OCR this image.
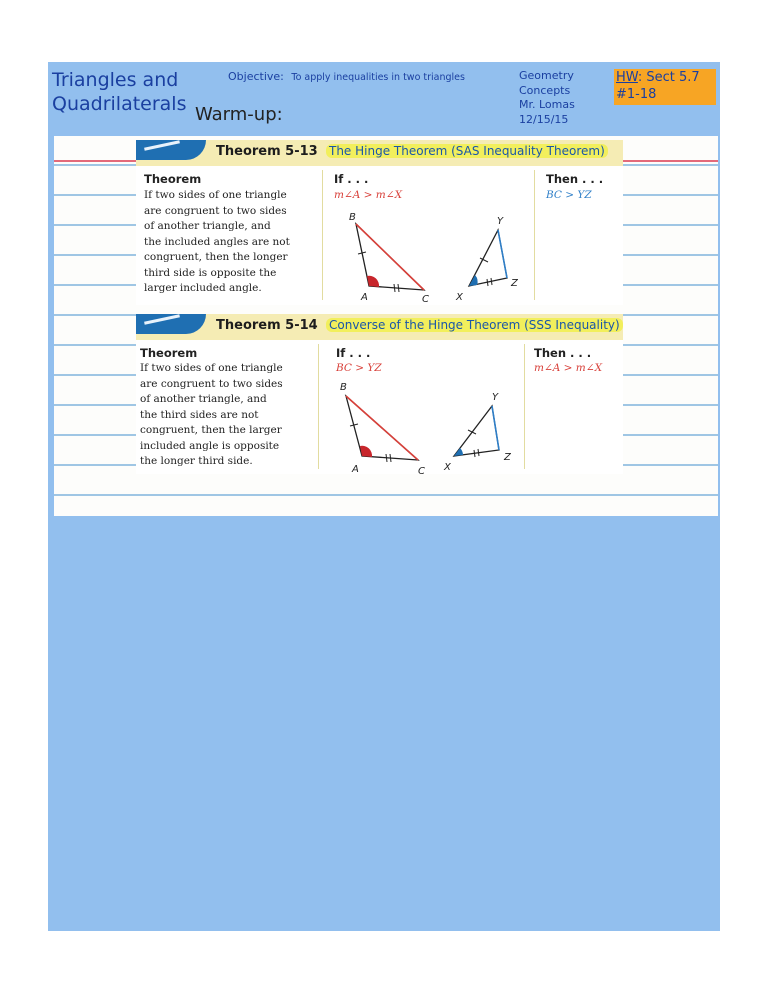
Triangles and
Quadrilaterals
Objective: To apply inequalities in two triangles
Warm-up:
Geometry
Concepts
Mr. Lomas
12/15/15
HW: Sect 5.7
#1-18
Theorem 5-13 The Hinge Theorem (SAS Inequality Theorem)
Theorem	If . . .	Then . . .
If two sides of one triangle
are congruent to two sides
of another triangle, and
the included angles are not
congruent, then the longer
third side is opposite the
larger included angle.
m∠A > m∠X	BC > YZ
B
A	C
Y
X
Z
Theorem 5-14 Converse of the Hinge Theorem (SSS Inequality)
Theorem	If . . .	Then . . .
If two sides of one triangle
are congruent to two sides
of another triangle, and
the third sides are not
congruent, then the larger
included angle is opposite
the longer third side.
BC > YZ	m∠A > m∠X
B
A	C
Y
X
Z
